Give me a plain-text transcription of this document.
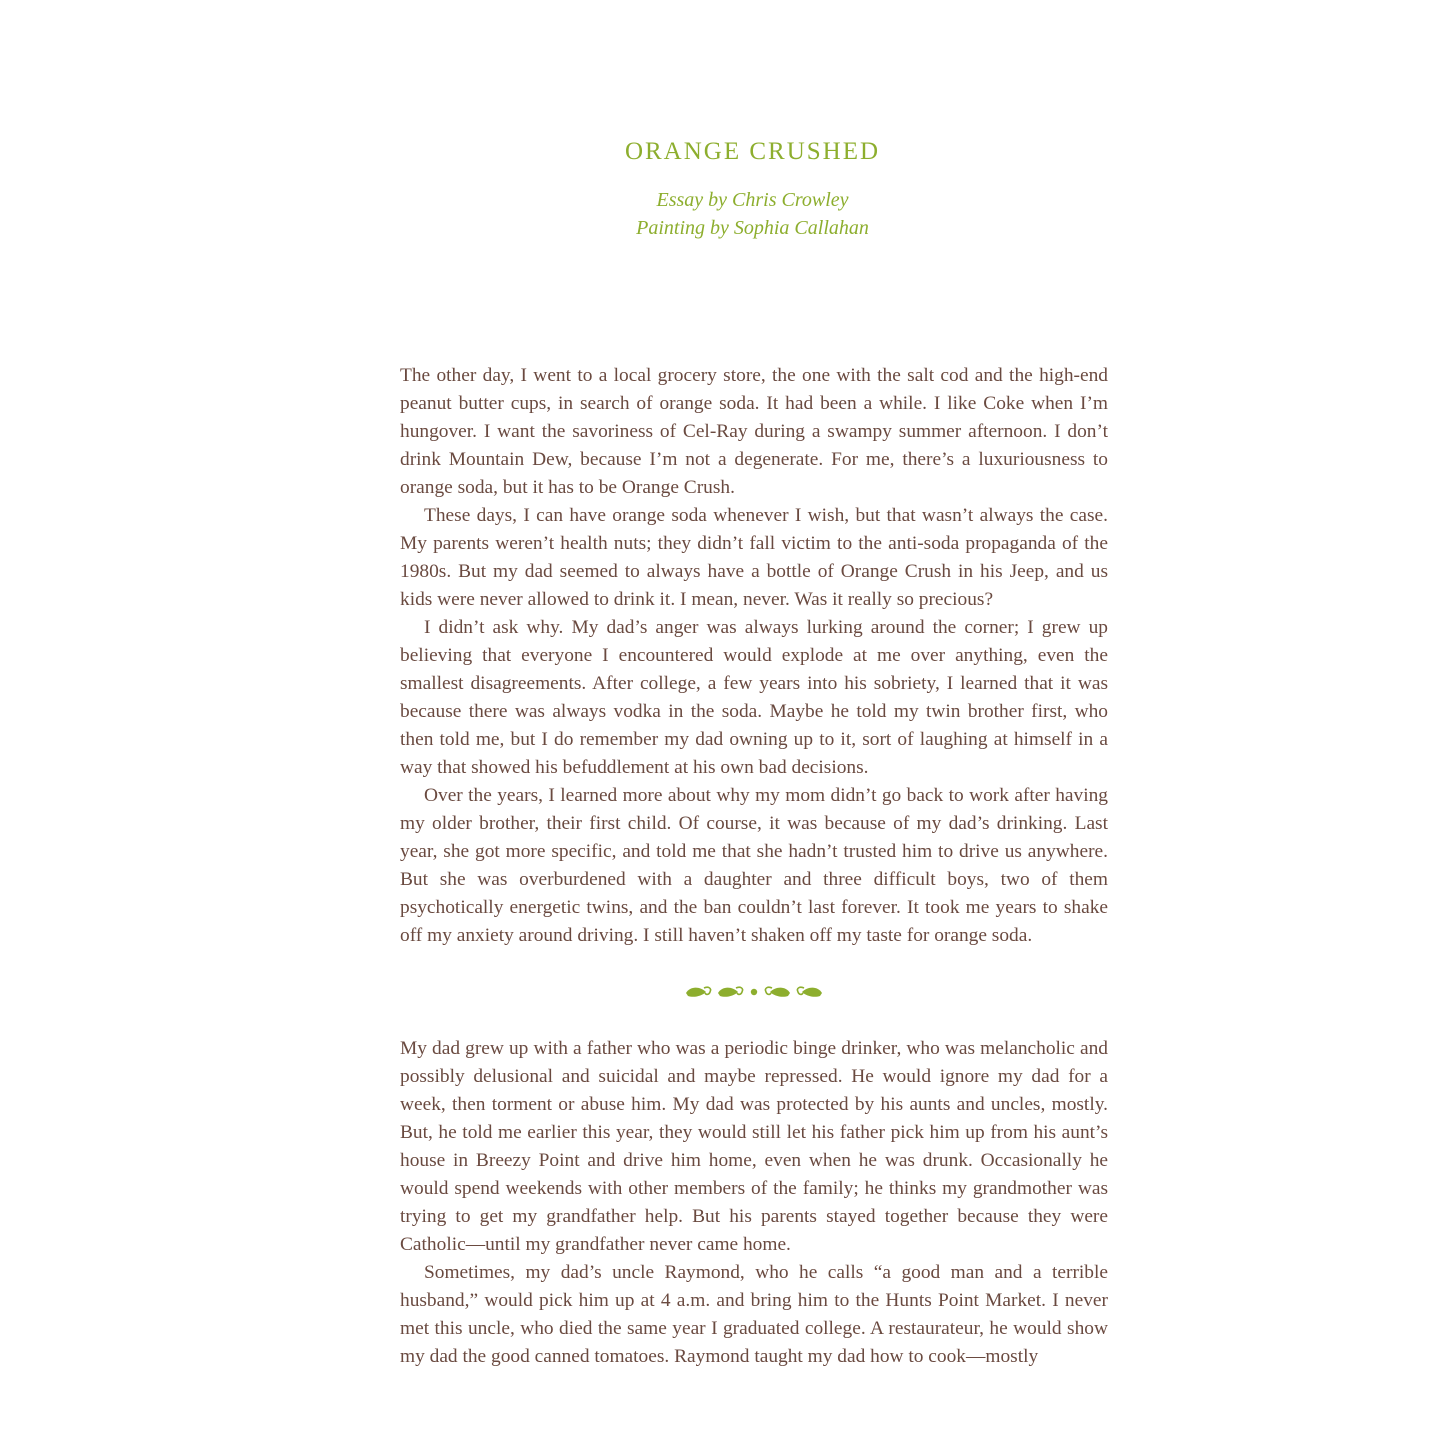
ORANGE CRUSHED
Essay by Chris Crowley
Painting by Sophia Callahan

The other day, I went to a local grocery store, the one with the salt cod and the high-end peanut butter cups, in search of orange soda. It had been a while. I like Coke when I’m hungover. I want the savoriness of Cel-Ray during a swampy summer afternoon. I don’t drink Mountain Dew, because I’m not a degenerate. For me, there’s a luxuriousness to orange soda, but it has to be Orange Crush.

These days, I can have orange soda whenever I wish, but that wasn’t always the case. My parents weren’t health nuts; they didn’t fall victim to the anti-soda propaganda of the 1980s. But my dad seemed to always have a bottle of Orange Crush in his Jeep, and us kids were never allowed to drink it. I mean, never. Was it really so precious?

I didn’t ask why. My dad’s anger was always lurking around the corner; I grew up believing that everyone I encountered would explode at me over anything, even the smallest disagreements. After college, a few years into his sobriety, I learned that it was because there was always vodka in the soda. Maybe he told my twin brother first, who then told me, but I do remember my dad owning up to it, sort of laughing at himself in a way that showed his befuddlement at his own bad decisions.

Over the years, I learned more about why my mom didn’t go back to work after having my older brother, their first child. Of course, it was because of my dad’s drinking. Last year, she got more specific, and told me that she hadn’t trusted him to drive us anywhere. But she was overburdened with a daughter and three difficult boys, two of them psychotically energetic twins, and the ban couldn’t last forever. It took me years to shake off my anxiety around driving. I still haven’t shaken off my taste for orange soda.

My dad grew up with a father who was a periodic binge drinker, who was melancholic and possibly delusional and suicidal and maybe repressed. He would ignore my dad for a week, then torment or abuse him. My dad was protected by his aunts and uncles, mostly. But, he told me earlier this year, they would still let his father pick him up from his aunt’s house in Breezy Point and drive him home, even when he was drunk. Occasionally he would spend weekends with other members of the family; he thinks my grandmother was trying to get my grandfather help. But his parents stayed together because they were Catholic—until my grandfather never came home.

Sometimes, my dad’s uncle Raymond, who he calls “a good man and a terrible husband,” would pick him up at 4 a.m. and bring him to the Hunts Point Market. I never met this uncle, who died the same year I graduated college. A restaurateur, he would show my dad the good canned tomatoes. Raymond taught my dad how to cook—mostly
